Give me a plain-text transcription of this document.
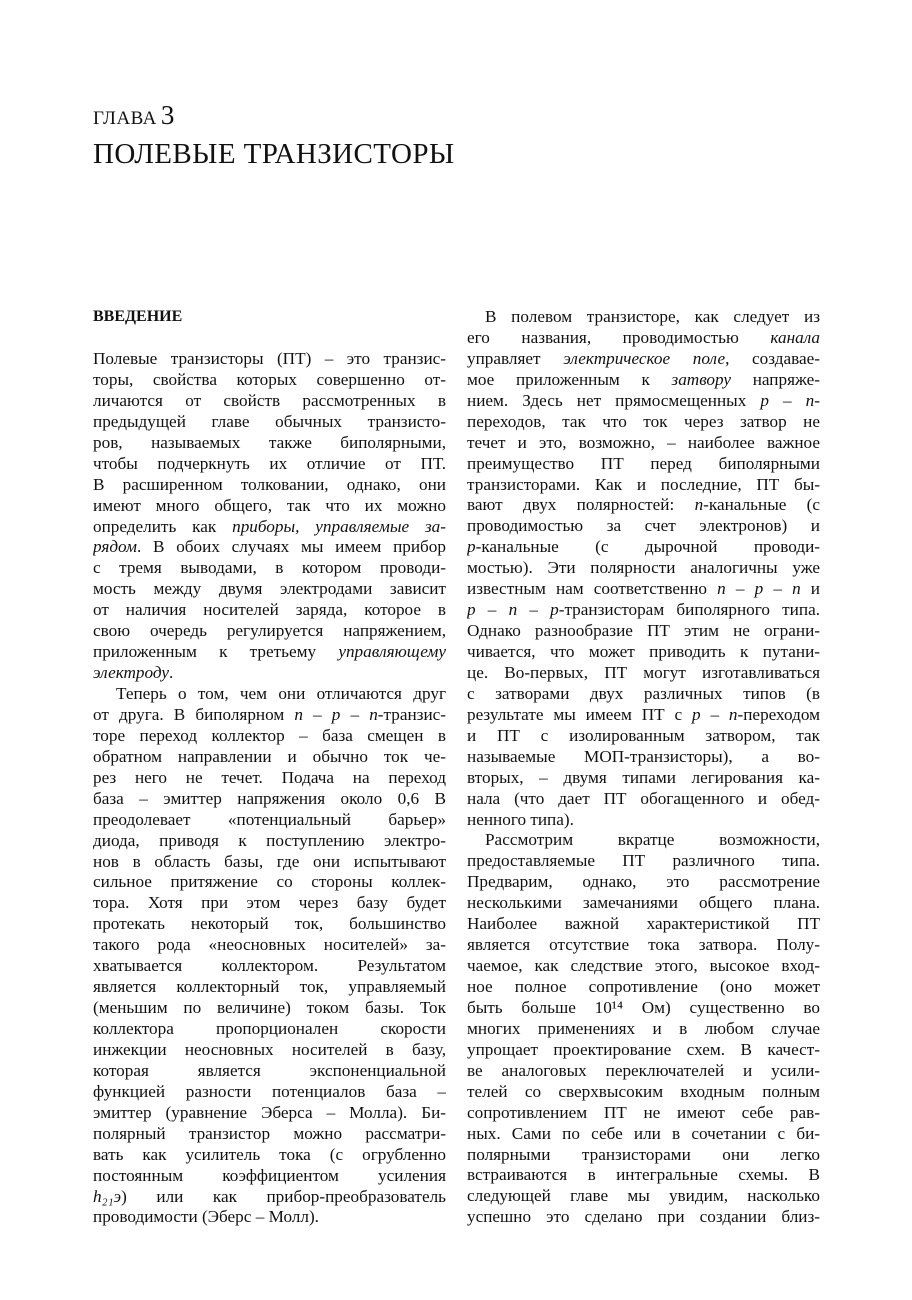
ГЛАВА 3
ПОЛЕВЫЕ ТРАНЗИСТОРЫ
ВВЕДЕНИЕ
Полевые транзисторы (ПТ) – это транзис-
торы, свойства которых совершенно от-
личаются от свойств рассмотренных в
предыдущей главе обычных транзисто-
ров, называемых также биполярными,
чтобы подчеркнуть их отличие от ПТ.
В расширенном толковании, однако, они
имеют много общего, так что их можно
определить как приборы, управляемые за-
рядом. В обоих случаях мы имеем прибор
с тремя выводами, в котором проводи-
мость между двумя электродами зависит
от наличия носителей заряда, которое в
свою очередь регулируется напряжением,
приложенным к третьему управляющему
электроду.
Теперь о том, чем они отличаются друг
от друга. В биполярном n – p – n-транзис-
торе переход коллектор – база смещен в
обратном направлении и обычно ток че-
рез него не течет. Подача на переход
база – эмиттер напряжения около 0,6 В
преодолевает «потенциальный барьер»
диода, приводя к поступлению электро-
нов в область базы, где они испытывают
сильное притяжение со стороны коллек-
тора. Хотя при этом через базу будет
протекать некоторый ток, большинство
такого рода «неосновных носителей» за-
хватывается коллектором. Результатом
является коллекторный ток, управляемый
(меньшим по величине) током базы. Ток
коллектора пропорционален скорости
инжекции неосновных носителей в базу,
которая является экспоненциальной
функцией разности потенциалов база –
эмиттер (уравнение Эберса – Молла). Би-
полярный транзистор можно рассматри-
вать как усилитель тока (с огрубленно
постоянным коэффициентом усиления
h₂₁э) или как прибор-преобразователь
проводимости (Эберс – Молл).
В полевом транзисторе, как следует из
его названия, проводимостью канала
управляет электрическое поле, создавае-
мое приложенным к затвору напряже-
нием. Здесь нет прямосмещенных p – n-
переходов, так что ток через затвор не
течет и это, возможно, – наиболее важное
преимущество ПТ перед биполярными
транзисторами. Как и последние, ПТ бы-
вают двух полярностей: n-канальные (с
проводимостью за счет электронов) и
p-канальные (с дырочной проводи-
мостью). Эти полярности аналогичны уже
известным нам соответственно n – p – n и
p – n – p-транзисторам биполярного типа.
Однако разнообразие ПТ этим не ограни-
чивается, что может приводить к путани-
це. Во-первых, ПТ могут изготавливаться
с затворами двух различных типов (в
результате мы имеем ПТ с p – n-переходом
и ПТ с изолированным затвором, так
называемые МОП-транзисторы), а во-
вторых, – двумя типами легирования ка-
нала (что дает ПТ обогащенного и обед-
ненного типа).
Рассмотрим вкратце возможности,
предоставляемые ПТ различного типа.
Предварим, однако, это рассмотрение
несколькими замечаниями общего плана.
Наиболее важной характеристикой ПТ
является отсутствие тока затвора. Полу-
чаемое, как следствие этого, высокое вход-
ное полное сопротивление (оно может
быть больше 10¹⁴ Ом) существенно во
многих применениях и в любом случае
упрощает проектирование схем. В качест-
ве аналоговых переключателей и усили-
телей со сверхвысоким входным полным
сопротивлением ПТ не имеют себе рав-
ных. Сами по себе или в сочетании с би-
полярными транзисторами они легко
встраиваются в интегральные схемы. В
следующей главе мы увидим, насколько
успешно это сделано при создании близ-
